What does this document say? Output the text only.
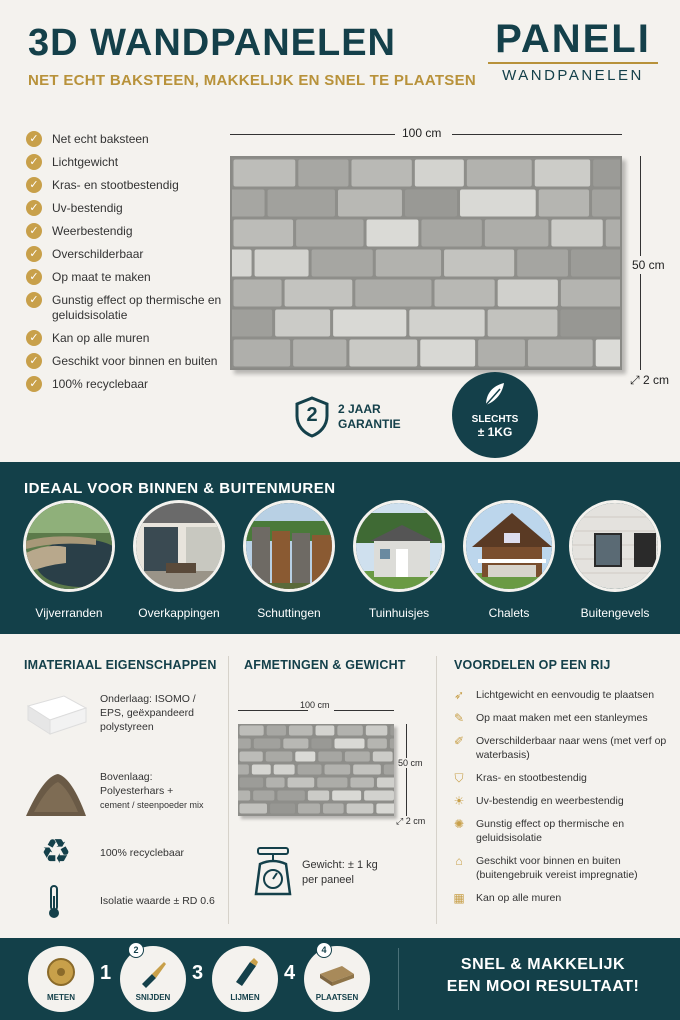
3D WANDPANELEN
NET ECHT BAKSTEEN, MAKKELIJK EN SNEL TE PLAATSEN
PANELI
WANDPANELEN
✓ Net echt baksteen
✓ Lichtgewicht
✓ Kras- en stootbestendig
✓ Uv-bestendig
✓ Weerbestendig
✓ Overschilderbaar
✓ Op maat te maken
✓ Gunstig effect op thermische en geluidsisolatie
✓ Kan op alle muren
✓ Geschikt voor binnen en buiten
✓ 100% recyclebaar
100 cm
50 cm
⤢ 2 cm
2	2 JAAR
GARANTIE	SLECHTS
± 1KG
IDEAAL VOOR BINNEN & BUITENMUREN
Vijverranden	Overkappingen	Schuttingen	Tuinhuisjes	Chalets	Buitengevels
IMATERIAAL EIGENSCHAPPEN
Onderlaag: ISOMO / EPS, geëxpandeerd polystyreen
Bovenlaag:
Polyesterhars +
cement / steenpoeder mix
♻	100% recyclebaar
Isolatie waarde ± RD 0.6
AFMETINGEN & GEWICHT
100 cm
50 cm
⤢ 2 cm
Gewicht: ± 1 kg
per paneel
VOORDELEN OP EEN RIJ
➶ Lichtgewicht en eenvoudig te plaatsen
✎ Op maat maken met een stanleymes
✐ Overschilderbaar naar wens (met verf op waterbasis)
⛉ Kras- en stootbestendig
☀ Uv-bestendig en weerbestendig
✺ Gunstig effect op thermische en geluidsisolatie
⌂	Geschikt voor binnen en buiten (buitengebruik vereist impregnatie)
▦ Kan op alle muren
METEN
1
2
SNIJDEN
3
LIJMEN
4
4
PLAATSEN
SNEL & MAKKELIJK
EEN MOOI RESULTAAT!
